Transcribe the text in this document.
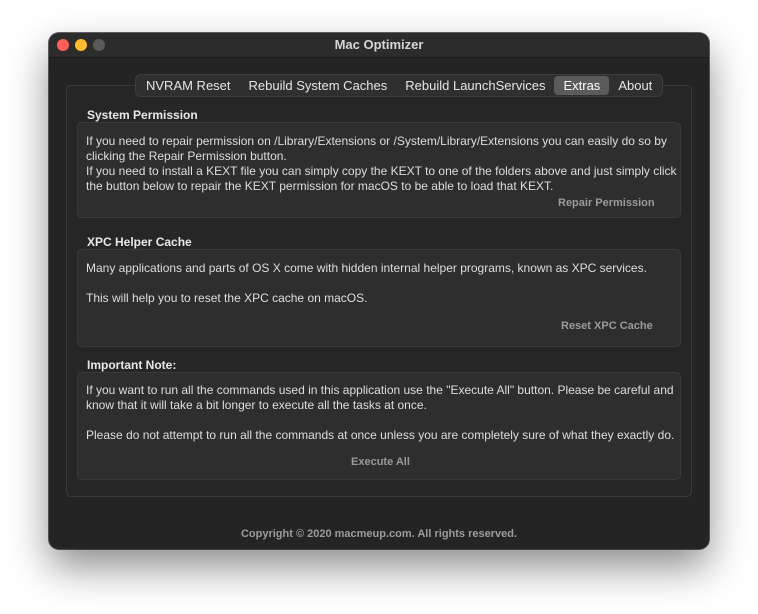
Mac Optimizer
NVRAM Reset	Rebuild System Caches	Rebuild LaunchServices	Extras	About
System Permission
If you need to repair permission on /Library/Extensions or /System/Library/Extensions you can easily do so by
clicking the Repair Permission button.
If you need to install a KEXT file you can simply copy the KEXT to one of the folders above and just simply click
the button below to repair the KEXT permission for macOS to be able to load that KEXT.
Repair Permission
XPC Helper Cache
Many applications and parts of OS X come with hidden internal helper programs, known as XPC services.
This will help you to reset the XPC cache on macOS.
Reset XPC Cache
Important Note:
If you want to run all the commands used in this application use the "Execute All" button. Please be careful and
know that it will take a bit longer to execute all the tasks at once.
Please do not attempt to run all the commands at once unless you are completely sure of what they exactly do.
Execute All
Copyright © 2020 macmeup.com. All rights reserved.
